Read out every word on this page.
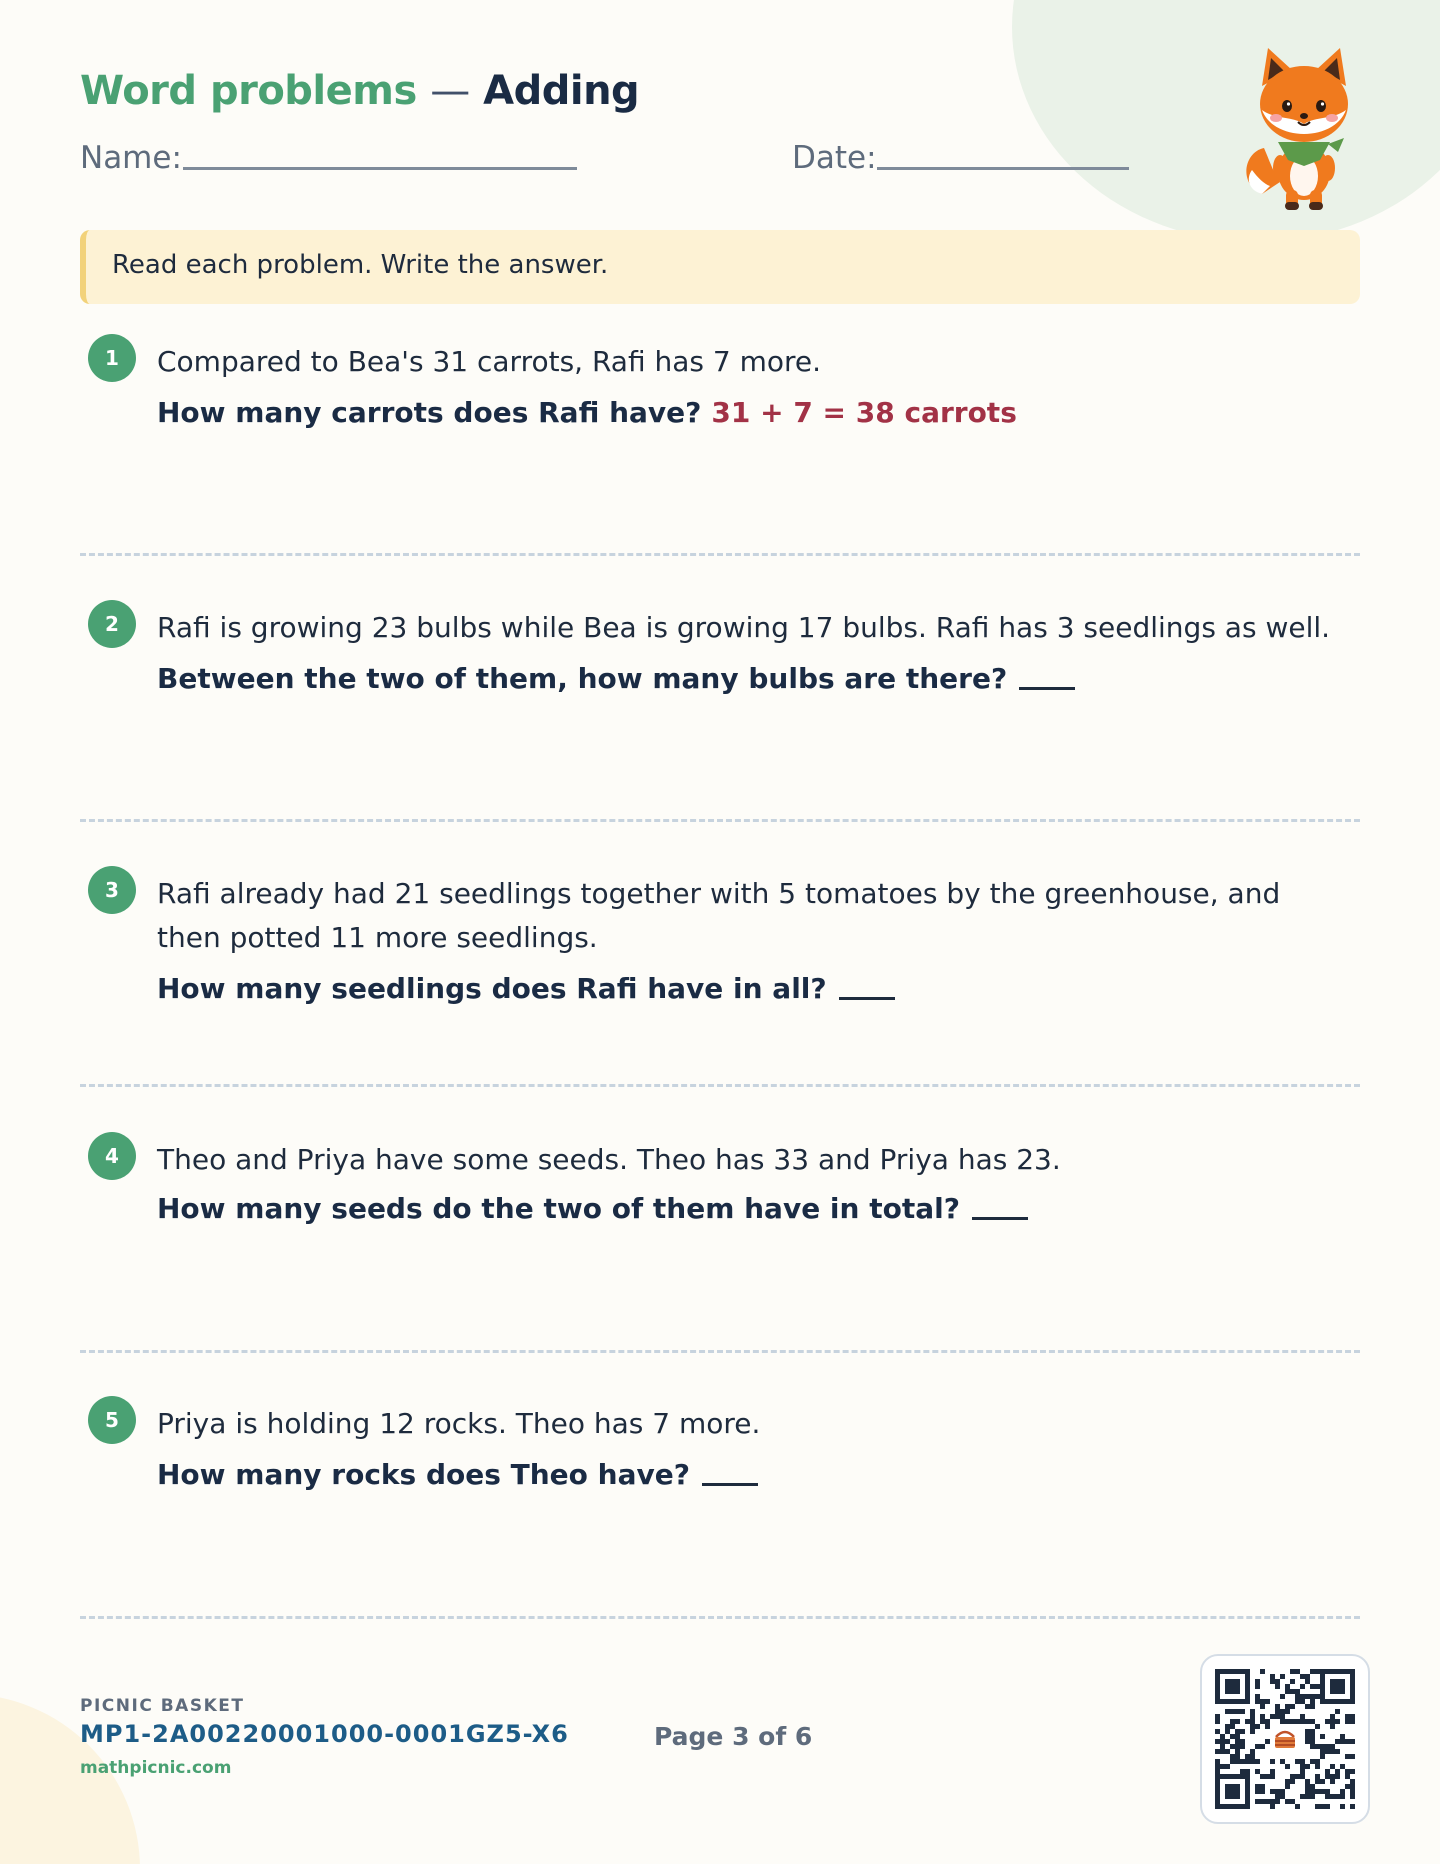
Word problems — Adding
Name:	Date:
Read each problem. Write the answer.
1	Compared to Bea's 31 carrots, Rafi has 7 more.
How many carrots does Rafi have? 31 + 7 = 38 carrots
2	Rafi is growing 23 bulbs while Bea is growing 17 bulbs. Rafi has 3 seedlings as well.
Between the two of them, how many bulbs are there?
3	Rafi already had 21 seedlings together with 5 tomatoes by the greenhouse, and then potted 11 more seedlings.
How many seedlings does Rafi have in all?
4	Theo and Priya have some seeds. Theo has 33 and Priya has 23.
How many seeds do the two of them have in total?
5	Priya is holding 12 rocks. Theo has 7 more.
How many rocks does Theo have?
PICNIC BASKET
MP1-2A00220001000-0001GZ5-X6
mathpicnic.com
Page 3 of 6
